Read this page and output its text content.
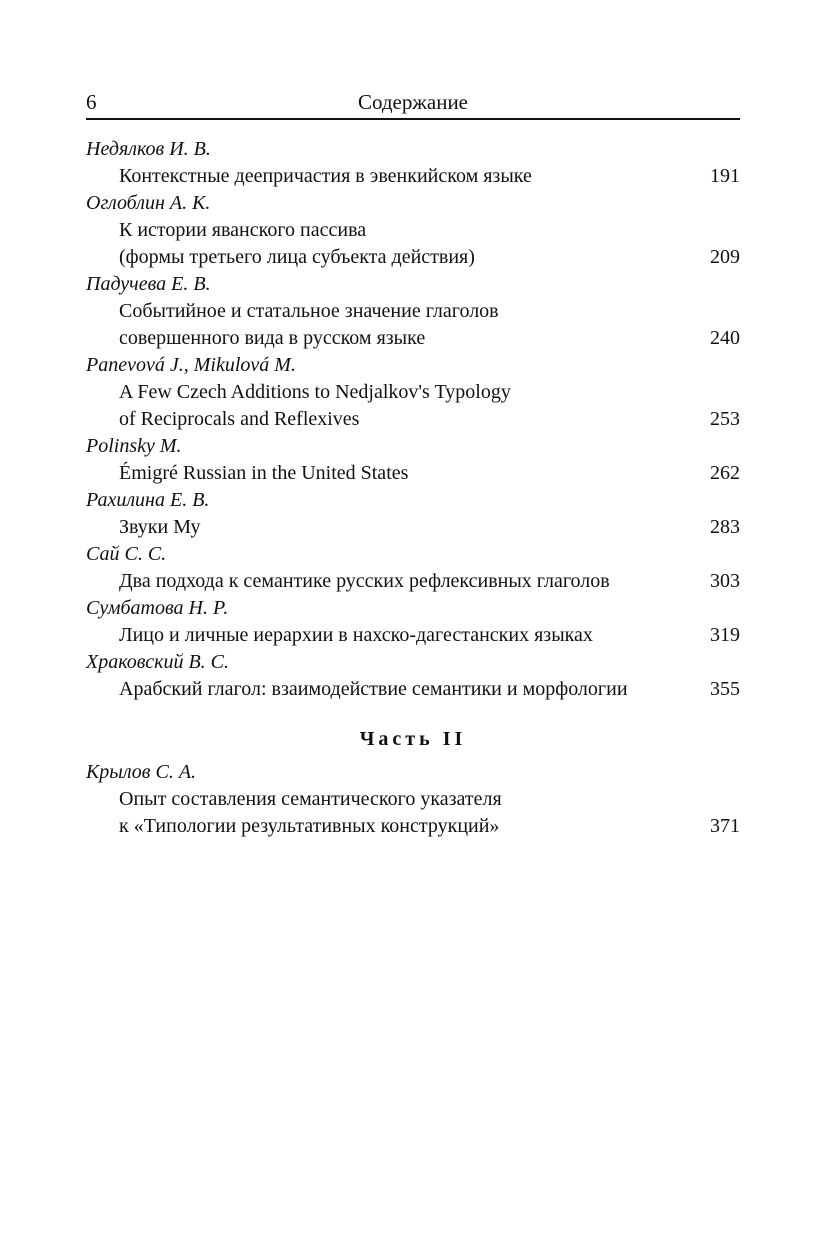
6	Содержание
Недялков И. В.
Контекстные деепричастия в эвенкийском языке	191
Оглоблин А. К.
К истории яванского пассива
(формы третьего лица субъекта действия)	209
Падучева Е. В.
Событийное и статальное значение глаголов
совершенного вида в русском языке	240
Panevová J., Mikulová M.
A Few Czech Additions to Nedjalkov's Typology
of Reciprocals and Reflexives	253
Polinsky M.
Émigré Russian in the United States	262
Рахилина Е. В.
Звуки Му	283
Сай С. С.
Два подхода к семантике русских рефлексивных глаголов	303
Сумбатова Н. Р.
Лицо и личные иерархии в нахско-дагестанских языках	319
Храковский В. С.
Арабский глагол: взаимодействие семантики и морфологии	355
Часть II
Крылов С. А.
Опыт составления семантического указателя
к «Типологии результативных конструкций»	371
